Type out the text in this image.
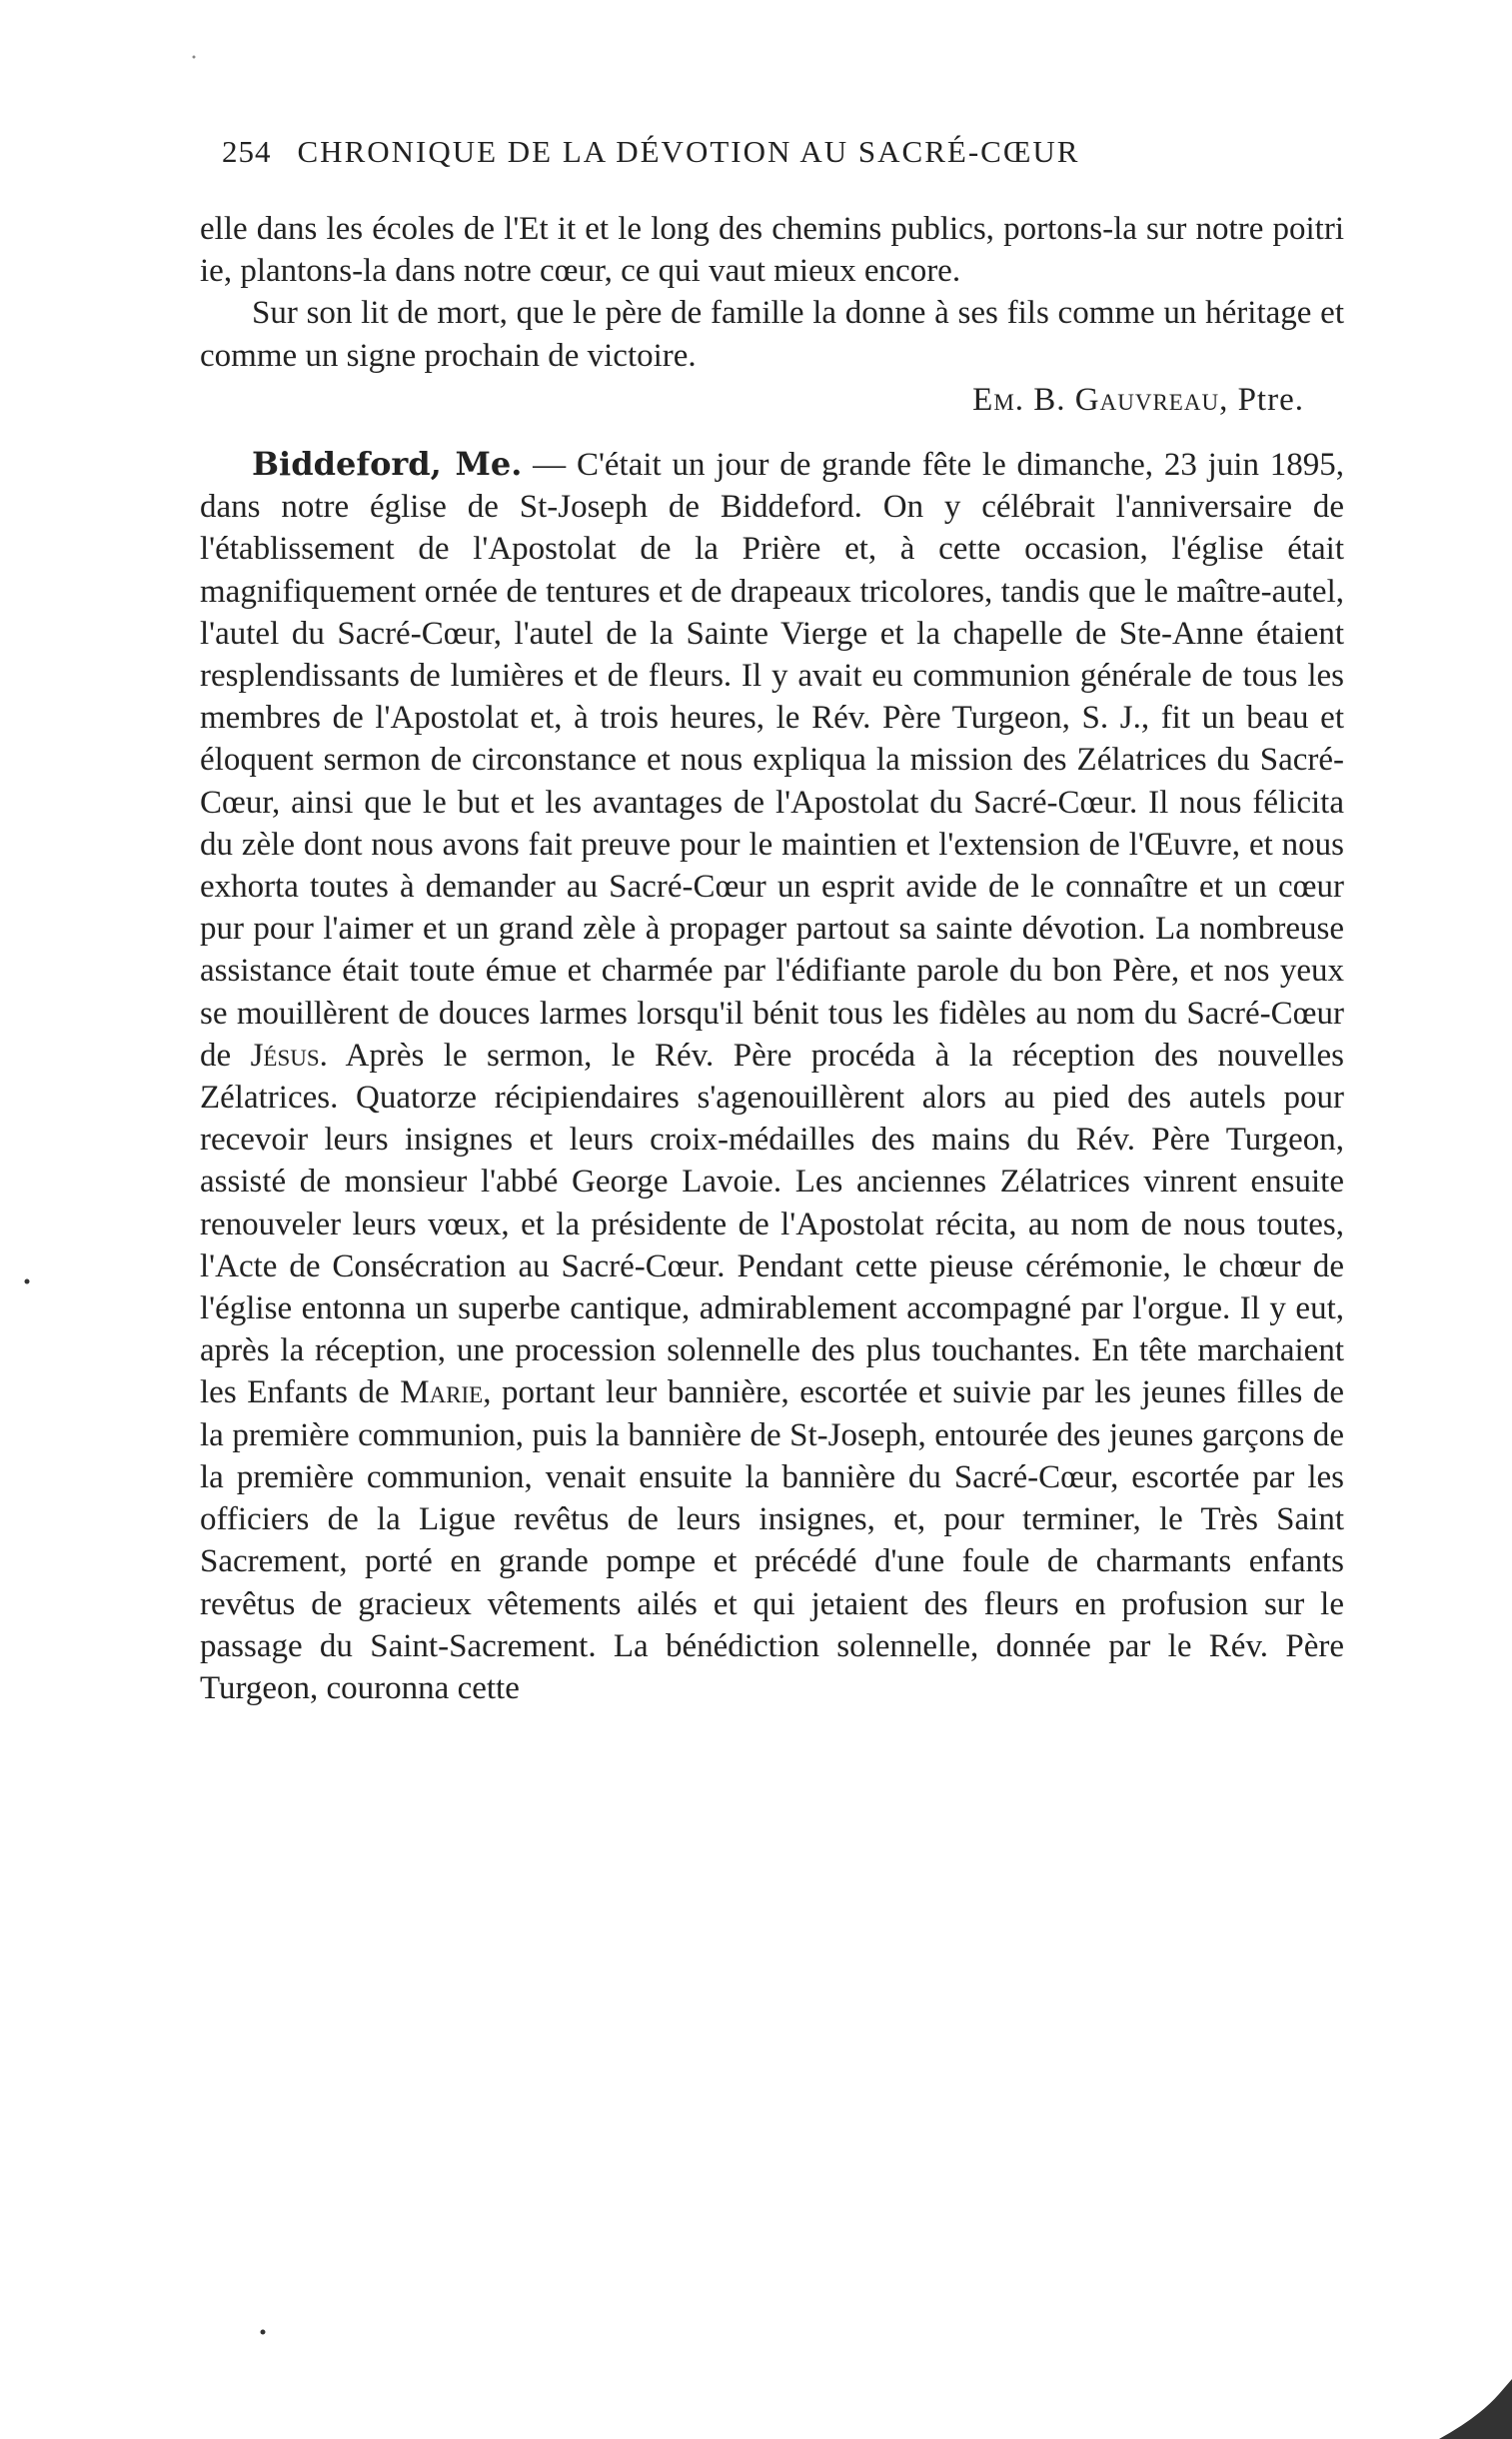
254 CHRONIQUE DE LA DÉVOTION AU SACRÉ-CŒUR

elle dans les écoles de l'Et it et le long des chemins publics, portons-la sur notre poitri ie, plantons-la dans notre cœur, ce qui vaut mieux encore.

Sur son lit de mort, que le père de famille la donne à ses fils comme un héritage et comme un signe prochain de victoire.

Em. B. Gauvreau, Ptre.

Biddeford, Me. — C'était un jour de grande fête le dimanche, 23 juin 1895, dans notre église de St-Joseph de Biddeford. On y célébrait l'anniversaire de l'établissement de l'Apostolat de la Prière et, à cette occasion, l'église était magnifiquement ornée de tentures et de drapeaux tricolores, tandis que le maître-autel, l'autel du Sacré-Cœur, l'autel de la Sainte Vierge et la chapelle de Ste-Anne étaient resplendissants de lumières et de fleurs. Il y avait eu communion générale de tous les membres de l'Apostolat et, à trois heures, le Rév. Père Turgeon, S. J., fit un beau et éloquent sermon de circonstance et nous expliqua la mission des Zélatrices du Sacré-Cœur, ainsi que le but et les avantages de l'Apostolat du Sacré-Cœur. Il nous félicita du zèle dont nous avons fait preuve pour le maintien et l'extension de l'Œuvre, et nous exhorta toutes à demander au Sacré-Cœur un esprit avide de le connaître et un cœur pur pour l'aimer et un grand zèle à propager partout sa sainte dévotion. La nombreuse assistance était toute émue et charmée par l'édifiante parole du bon Père, et nos yeux se mouillèrent de douces larmes lorsqu'il bénit tous les fidèles au nom du Sacré-Cœur de Jésus. Après le sermon, le Rév. Père procéda à la réception des nouvelles Zélatrices. Quatorze récipiendaires s'agenouillèrent alors au pied des autels pour recevoir leurs insignes et leurs croix-médailles des mains du Rév. Père Turgeon, assisté de monsieur l'abbé George Lavoie. Les anciennes Zélatrices vinrent ensuite renouveler leurs vœux, et la présidente de l'Apostolat récita, au nom de nous toutes, l'Acte de Consécration au Sacré-Cœur. Pendant cette pieuse cérémonie, le chœur de l'église entonna un superbe cantique, admirablement accompagné par l'orgue. Il y eut, après la réception, une procession solennelle des plus touchantes. En tête marchaient les Enfants de Marie, portant leur bannière, escortée et suivie par les jeunes filles de la première communion, puis la bannière de St-Joseph, entourée des jeunes garçons de la première communion, venait ensuite la bannière du Sacré-Cœur, escortée par les officiers de la Ligue revêtus de leurs insignes, et, pour terminer, le Très Saint Sacrement, porté en grande pompe et précédé d'une foule de charmants enfants revêtus de gracieux vêtements ailés et qui jetaient des fleurs en profusion sur le passage du Saint-Sacrement. La bénédiction solennelle, donnée par le Rév. Père Turgeon, couronna cette
